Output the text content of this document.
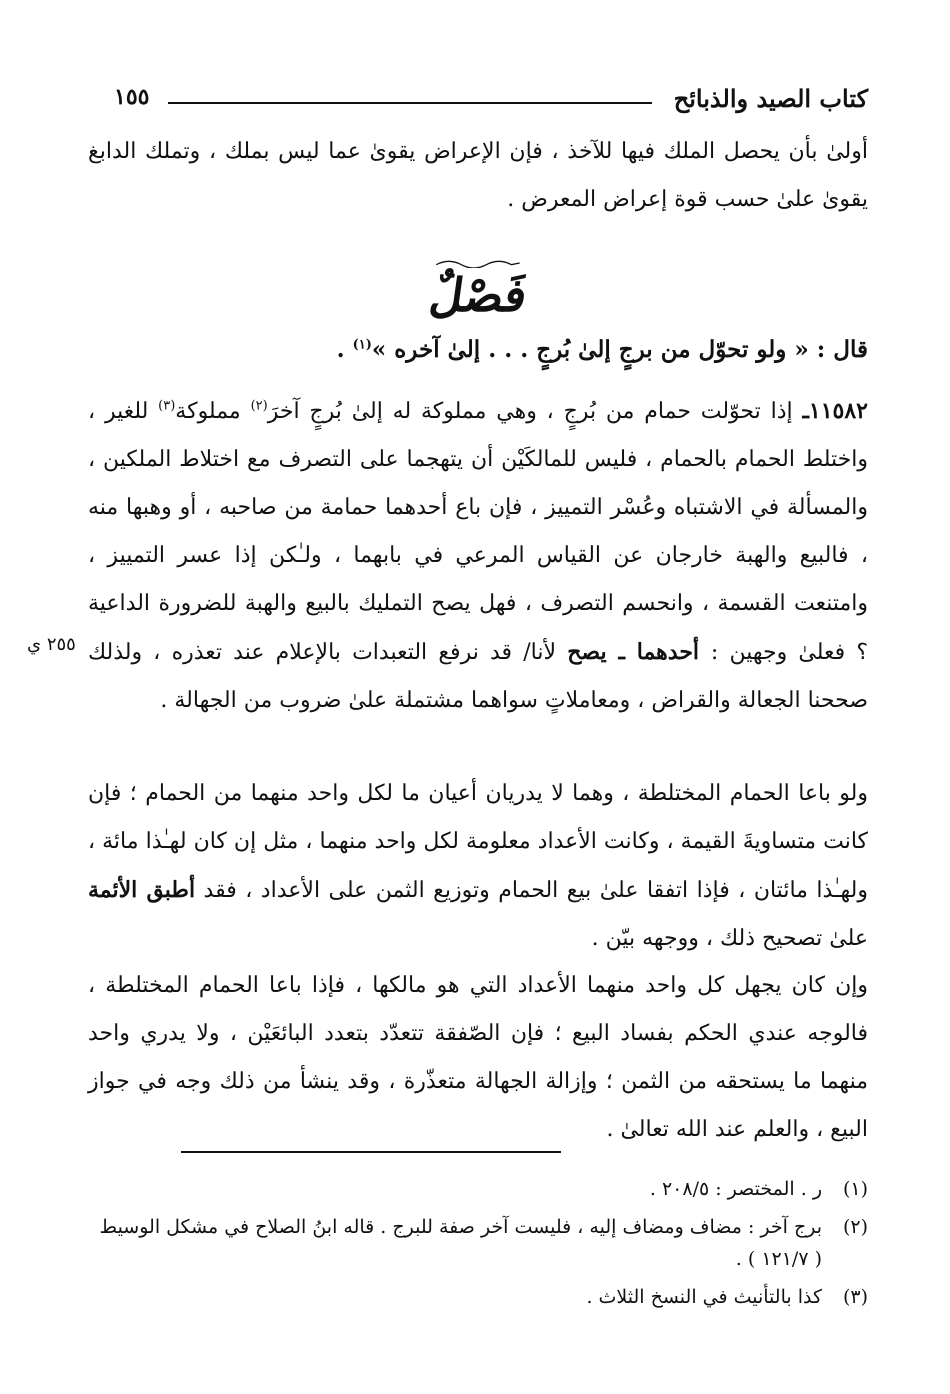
كتاب الصيد والذبائح
١٥٥
أولىٰ بأن يحصل الملك فيها للآخذ ، فإن الإعراض يقوىٰ عما ليس بملك ، وتملك الدابغ يقوىٰ علىٰ حسب قوة إعراض المعرض .
فَصْلٌ
قال : « ولو تحوّل من برجٍ إلىٰ بُرجٍ . . . إلىٰ آخره »$^{(١)}$ .
١١٥٨٢ـ إذا تحوّلت حمام من بُرجٍ ، وهي مملوكة له إلىٰ بُرجٍ آخرَ$^{(٢)}$ مملوكة$^{(٣)}$ للغير ، واختلط الحمام بالحمام ، فليس للمالكَيْن أن يتهجما على التصرف مع اختلاط الملكين ، والمسألة في الاشتباه وعُسْر التمييز ، فإن باع أحدهما حمامة من صاحبه ، أو وهبها منه ، فالبيع والهبة خارجان عن القياس المرعي في بابهما ، ولـٰكن إذا عسر التمييز ، وامتنعت القسمة ، وانحسم التصرف ، فهل يصح التمليك بالبيع والهبة للضرورة الداعية ؟ فعلىٰ وجهين : أحدهما ـ يصح لأنا/ قد نرفع التعبدات بالإعلام عند تعذره ، ولذلك صححنا الجعالة والقراض ، ومعاملاتٍ سواهما مشتملة علىٰ ضروب من الجهالة .
ولو باعا الحمام المختلطة ، وهما لا يدريان أعيان ما لكل واحد منهما من الحمام ؛ فإن كانت متساويةَ القيمة ، وكانت الأعداد معلومة لكل واحد منهما ، مثل إن كان لهـٰذا مائة ، ولهـٰذا مائتان ، فإذا اتفقا علىٰ بيع الحمام وتوزيع الثمن على الأعداد ، فقد أطبق الأئمة علىٰ تصحيح ذلك ، ووجهه بيّن .
وإن كان يجهل كل واحد منهما الأعداد التي هو مالكها ، فإذا باعا الحمام المختلطة ، فالوجه عندي الحكم بفساد البيع ؛ فإن الصّفقة تتعدّد بتعدد البائعَيْن ، ولا يدري واحد منهما ما يستحقه من الثمن ؛ وإزالة الجهالة متعذّرة ، وقد ينشأ من ذلك وجه في جواز البيع ، والعلم عند الله تعالىٰ .
٢٥٥ ي
(١)
ر . المختصر : ٢٠٨/٥ .
(٢)
برج آخر : مضاف ومضاف إليه ، فليست آخر صفة للبرج . قاله ابنُ الصلاح في مشكل الوسيط ( ١٢١/٧ ) .
(٣)
كذا بالتأنيث في النسخ الثلاث .
